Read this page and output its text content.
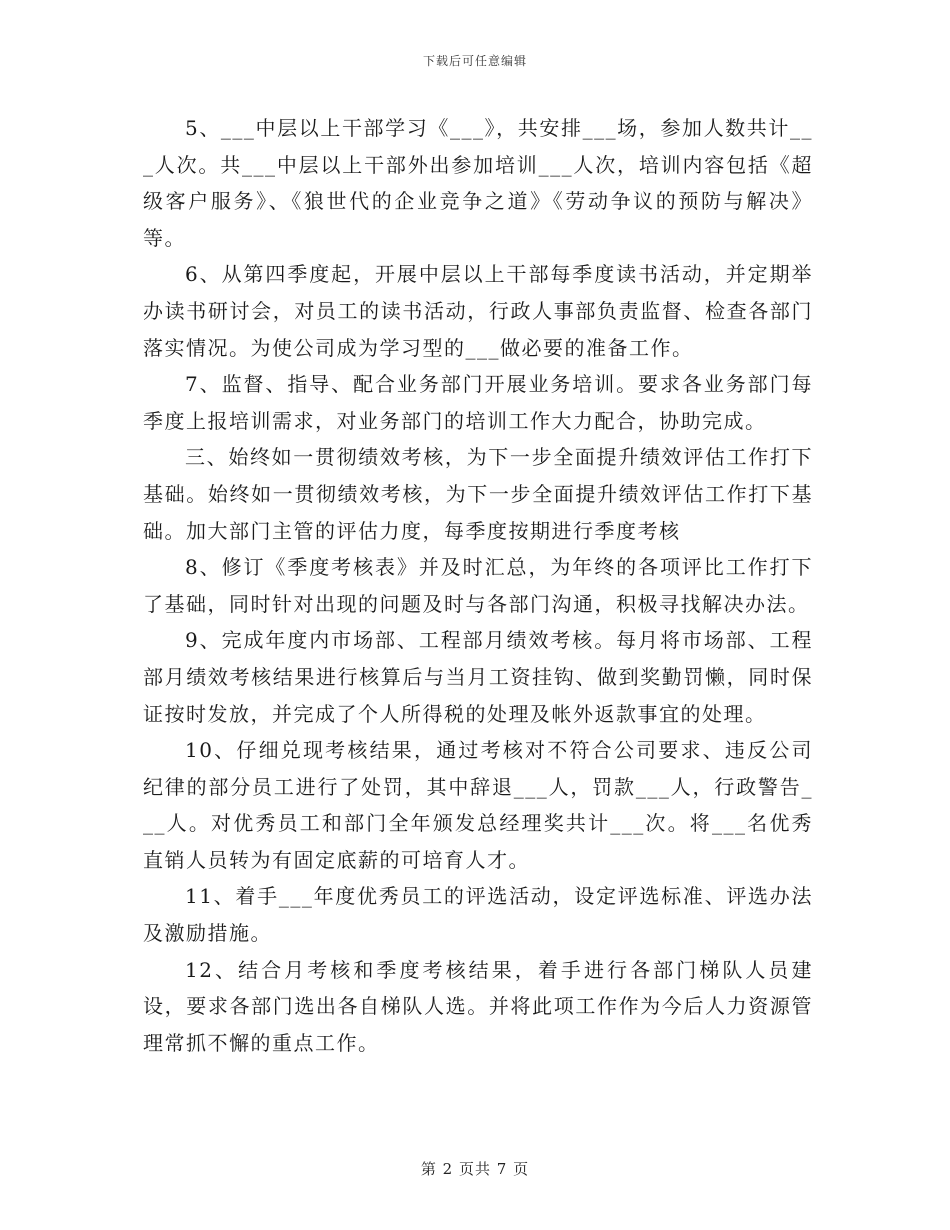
下载后可任意编辑

5、___中层以上干部学习《___》，共安排___场，参加人数共计___人次。共___中层以上干部外出参加培训___人次，培训内容包括《超级客户服务》、《狼世代的企业竞争之道》《劳动争议的预防与解决》等。

6、从第四季度起，开展中层以上干部每季度读书活动，并定期举办读书研讨会，对员工的读书活动，行政人事部负责监督、检查各部门落实情况。为使公司成为学习型的___做必要的准备工作。

7、监督、指导、配合业务部门开展业务培训。要求各业务部门每季度上报培训需求，对业务部门的培训工作大力配合，协助完成。

三、始终如一贯彻绩效考核，为下一步全面提升绩效评估工作打下基础。始终如一贯彻绩效考核，为下一步全面提升绩效评估工作打下基础。加大部门主管的评估力度，每季度按期进行季度考核

8、修订《季度考核表》并及时汇总，为年终的各项评比工作打下了基础，同时针对出现的问题及时与各部门沟通，积极寻找解决办法。

9、完成年度内市场部、工程部月绩效考核。每月将市场部、工程部月绩效考核结果进行核算后与当月工资挂钩、做到奖勤罚懒，同时保证按时发放，并完成了个人所得税的处理及帐外返款事宜的处理。

10、仔细兑现考核结果，通过考核对不符合公司要求、违反公司纪律的部分员工进行了处罚，其中辞退___人，罚款___人，行政警告___人。对优秀员工和部门全年颁发总经理奖共计___次。将___名优秀直销人员转为有固定底薪的可培育人才。

11、着手___年度优秀员工的评选活动，设定评选标准、评选办法及激励措施。

12、结合月考核和季度考核结果，着手进行各部门梯队人员建设，要求各部门选出各自梯队人选。并将此项工作作为今后人力资源管理常抓不懈的重点工作。

第 2 页共 7 页
